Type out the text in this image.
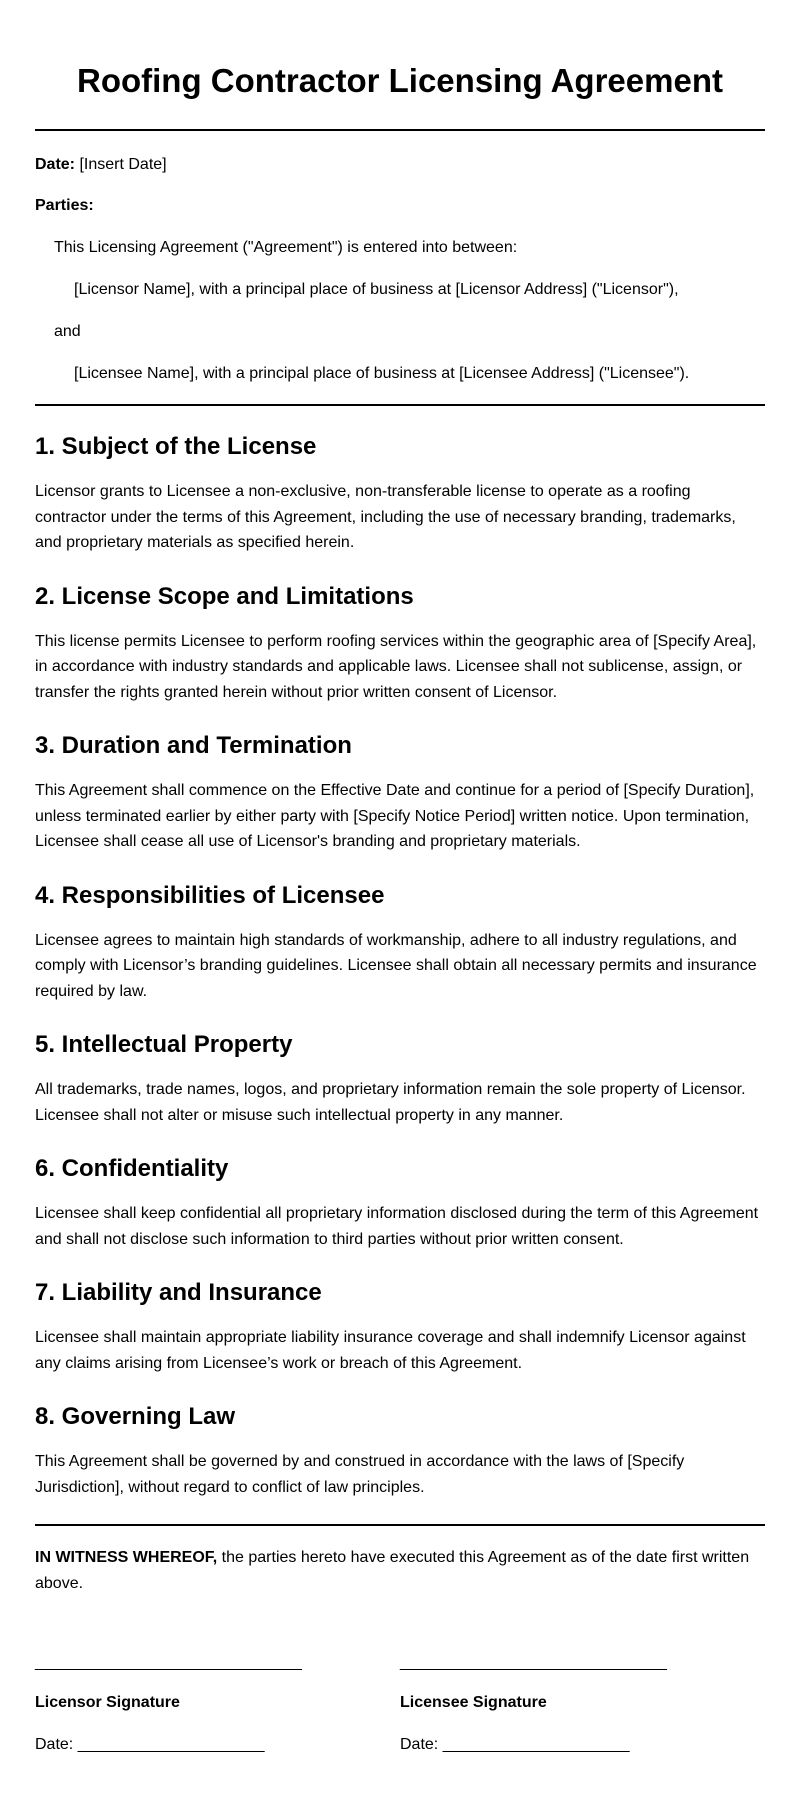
Roofing Contractor Licensing Agreement
Date: [Insert Date]
Parties:
This Licensing Agreement ("Agreement") is entered into between:
[Licensor Name], with a principal place of business at [Licensor Address] ("Licensor"),
and
[Licensee Name], with a principal place of business at [Licensee Address] ("Licensee").
1. Subject of the License

Licensor grants to Licensee a non-exclusive, non-transferable license to operate as a roofing contractor under the terms of this Agreement, including the use of necessary branding, trademarks, and proprietary materials as specified herein.

2. License Scope and Limitations

This license permits Licensee to perform roofing services within the geographic area of [Specify Area], in accordance with industry standards and applicable laws. Licensee shall not sublicense, assign, or transfer the rights granted herein without prior written consent of Licensor.

3. Duration and Termination

This Agreement shall commence on the Effective Date and continue for a period of [Specify Duration], unless terminated earlier by either party with [Specify Notice Period] written notice. Upon termination, Licensee shall cease all use of Licensor's branding and proprietary materials.

4. Responsibilities of Licensee

Licensee agrees to maintain high standards of workmanship, adhere to all industry regulations, and comply with Licensor’s branding guidelines. Licensee shall obtain all necessary permits and insurance required by law.

5. Intellectual Property

All trademarks, trade names, logos, and proprietary information remain the sole property of Licensor. Licensee shall not alter or misuse such intellectual property in any manner.

6. Confidentiality

Licensee shall keep confidential all proprietary information disclosed during the term of this Agreement and shall not disclose such information to third parties without prior written consent.

7. Liability and Insurance

Licensee shall maintain appropriate liability insurance coverage and shall indemnify Licensor against any claims arising from Licensee’s work or breach of this Agreement.

8. Governing Law

This Agreement shall be governed by and construed in accordance with the laws of [Specify Jurisdiction], without regard to conflict of law principles.

IN WITNESS WHEREOF, the parties hereto have executed this Agreement as of the date first written above.
______________________________
Licensor Signature
Date: _____________________
______________________________
Licensee Signature
Date: _____________________
